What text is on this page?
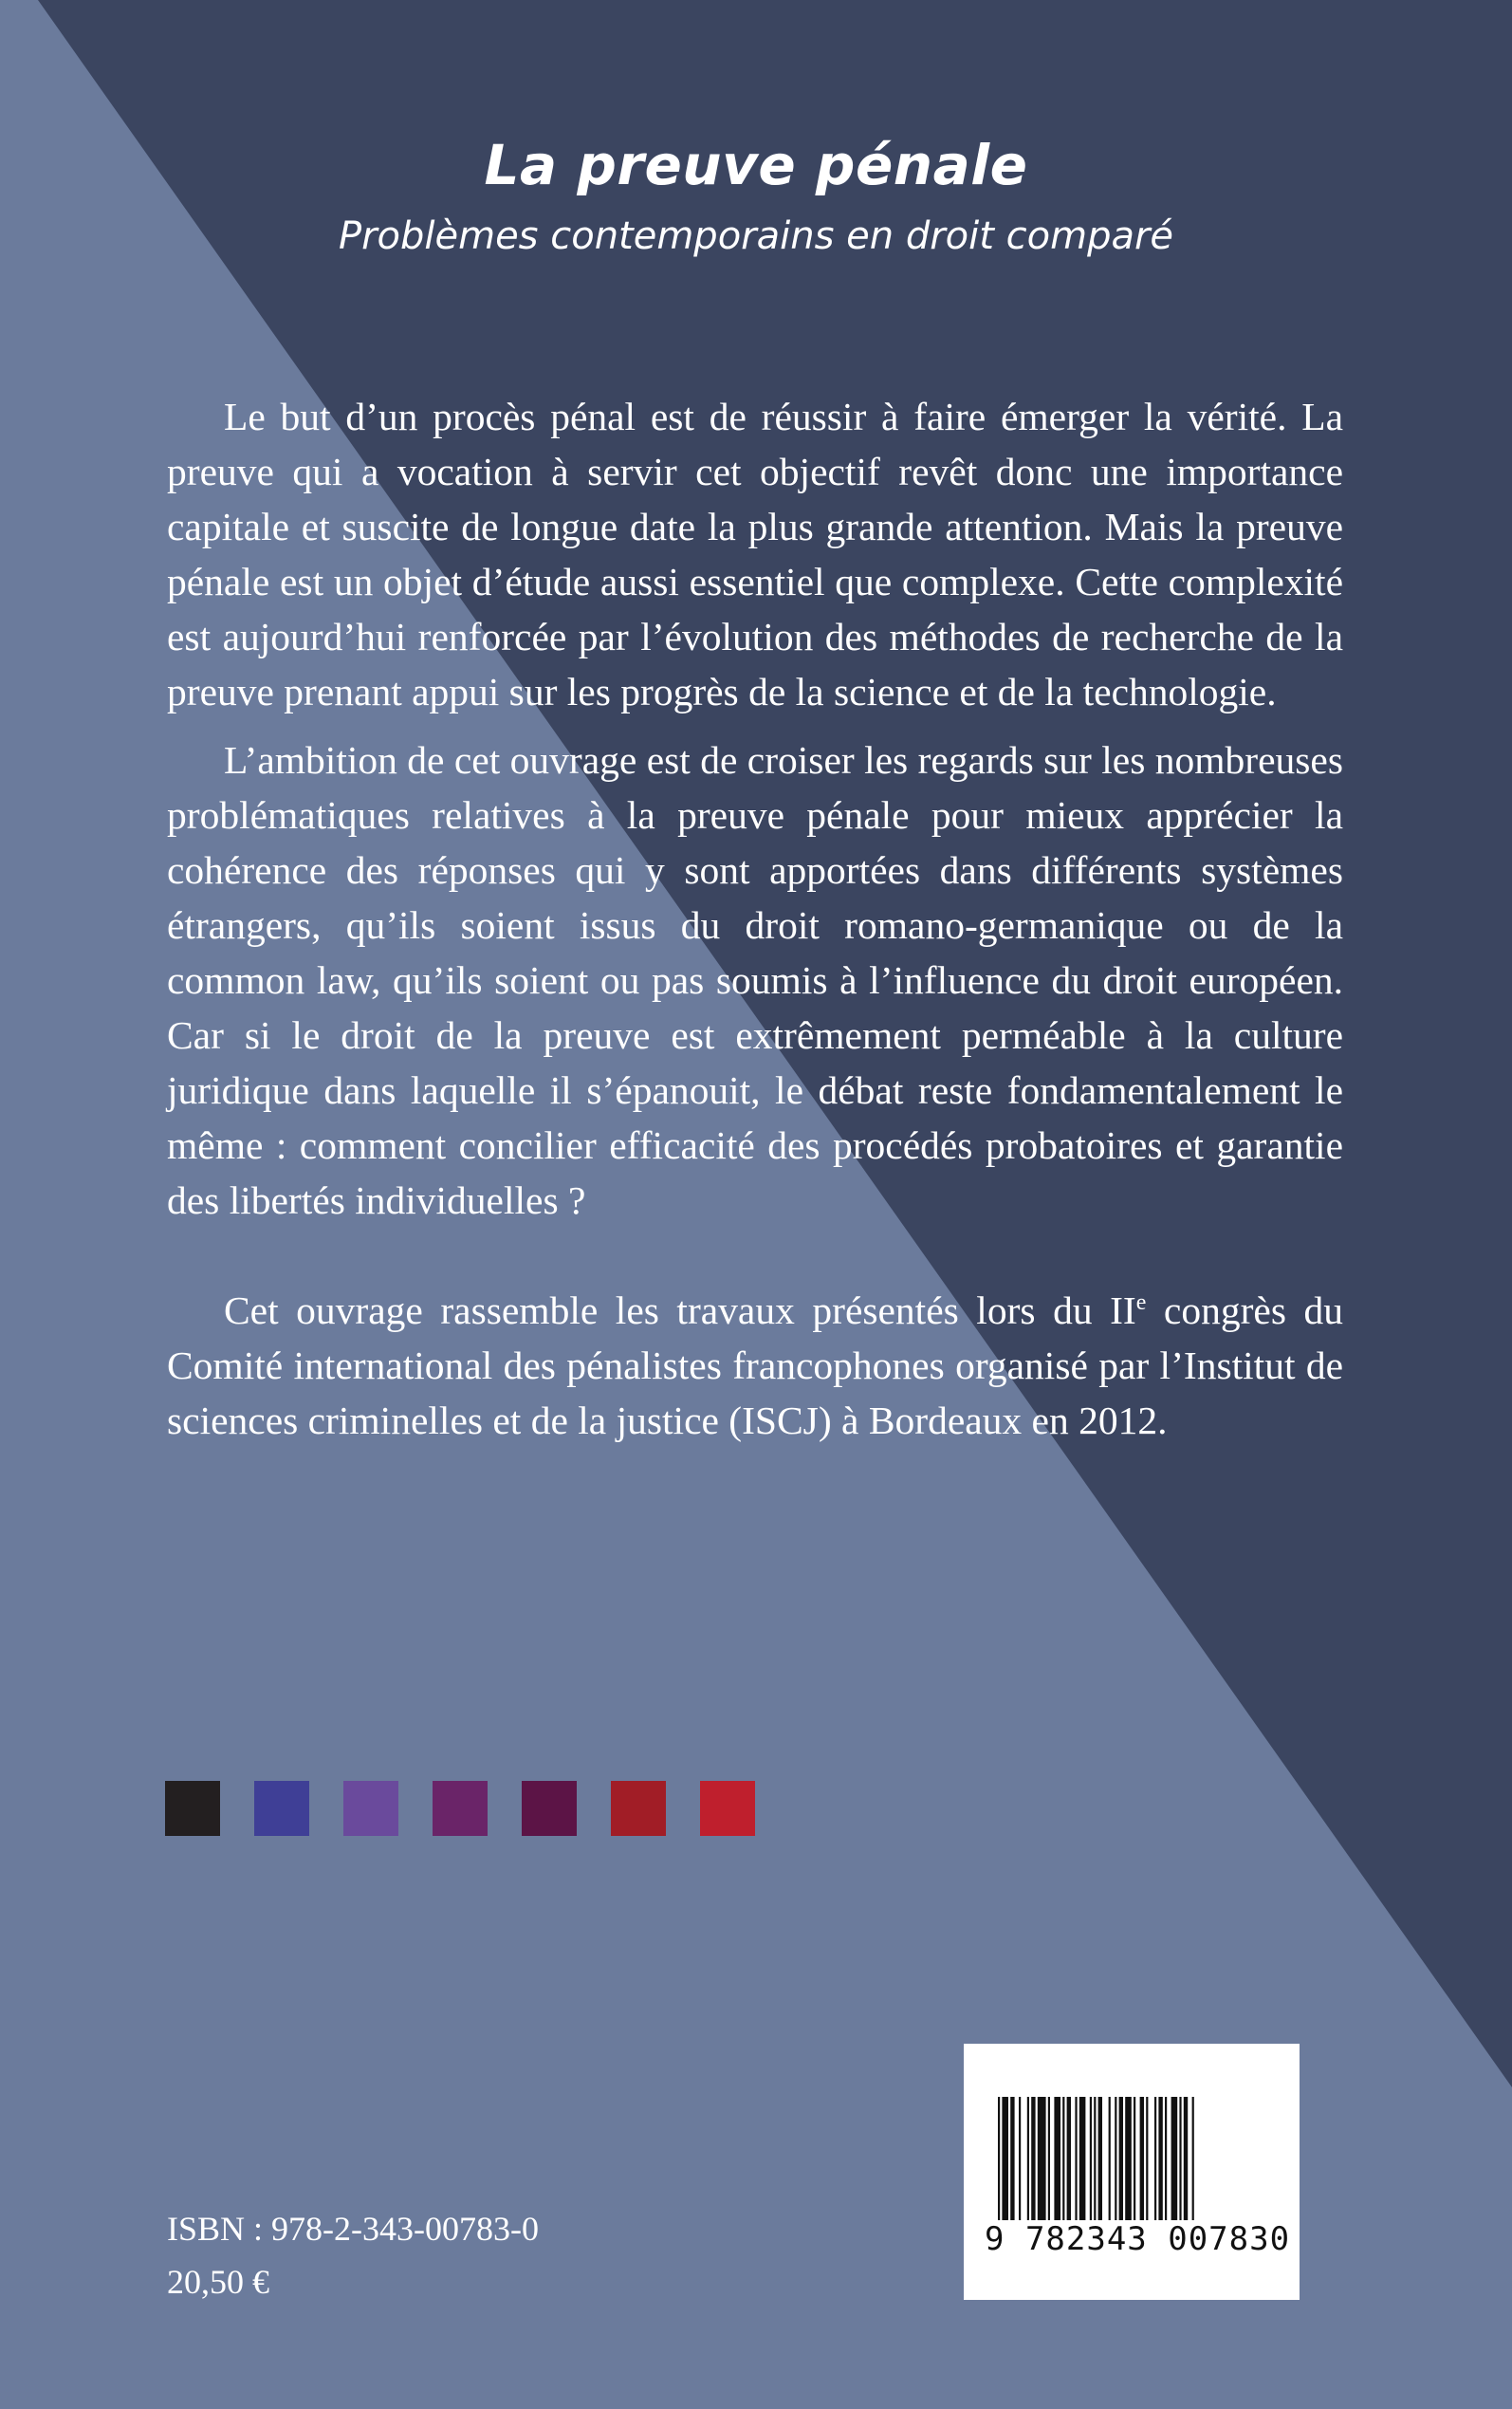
La preuve pénale
Problèmes contemporains en droit comparé

Le but d’un procès pénal est de réussir à faire émerger la vérité. La preuve qui a vocation à servir cet objectif revêt donc une importance capitale et suscite de longue date la plus grande attention. Mais la preuve pénale est un objet d’étude aussi essentiel que complexe. Cette complexité est aujourd’hui renforcée par l’évolution des méthodes de recherche de la preuve prenant appui sur les progrès de la science et de la technologie.

L’ambition de cet ouvrage est de croiser les regards sur les nombreuses problématiques relatives à la preuve pénale pour mieux apprécier la cohérence des réponses qui y sont apportées dans différents systèmes étrangers, qu’ils soient issus du droit romano-germanique ou de la common law, qu’ils soient ou pas soumis à l’influence du droit européen. Car si le droit de la preuve est extrêmement perméable à la culture juridique dans laquelle il s’épanouit, le débat reste fondamentalement le même : comment concilier efficacité des procédés probatoires et garantie des libertés individuelles ?

Cet ouvrage rassemble les travaux présentés lors du IIe congrès du Comité international des pénalistes francophones organisé par l’Institut de sciences criminelles et de la justice (ISCJ) à Bordeaux en 2012.

9 782343 007830
ISBN : 978-2-343-00783-0
20,50 €
